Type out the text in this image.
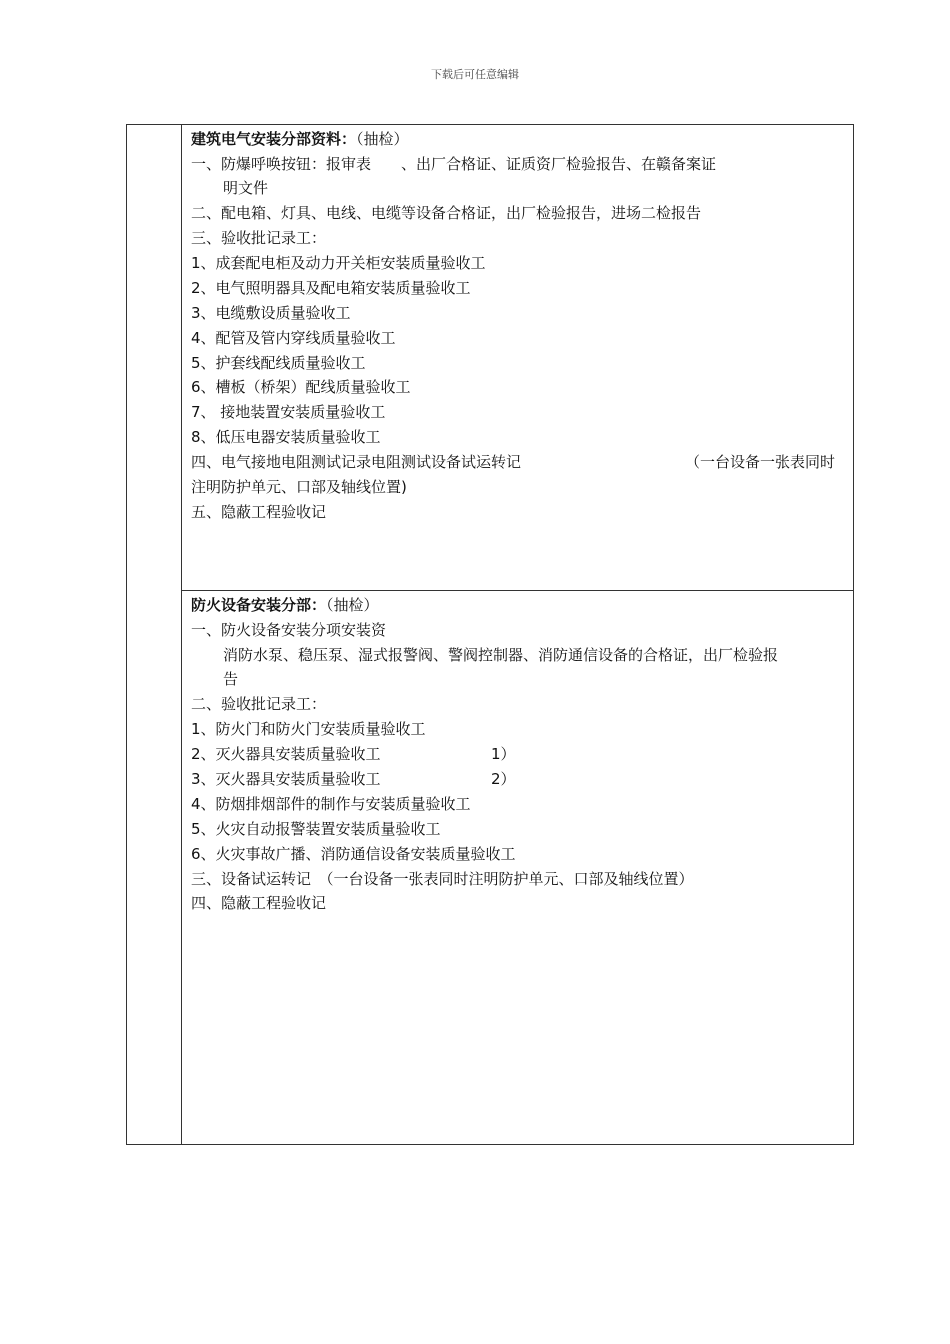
下载后可任意编辑
建筑电气安装分部资料：（抽检）
一、防爆呼唤按钮：报审表　　、出厂合格证、证质资厂检验报告、在赣备案证
明文件
二、配电箱、灯具、电线、电缆等设备合格证，出厂检验报告，进场二检报告
三、验收批记录工：
1、成套配电柜及动力开关柜安装质量验收工
2、电气照明器具及配电箱安装质量验收工
3、电缆敷设质量验收工
4、配管及管内穿线质量验收工
5、护套线配线质量验收工
6、槽板（桥架）配线质量验收工
7、 接地装置安装质量验收工
8、低压电器安装质量验收工
四、电气接地电阻测试记录电阻测试设备试运转记	（一台设备一张表同时
注明防护单元、口部及轴线位置)
五、隐蔽工程验收记
防火设备安装分部：（抽检）
一、防火设备安装分项安装资
消防水泵、稳压泵、湿式报警阀、警阀控制器、消防通信设备的合格证，出厂检验报
告
二、验收批记录工：
1、防火门和防火门安装质量验收工
2、灭火器具安装质量验收工	1）
3、灭火器具安装质量验收工	2）
4、防烟排烟部件的制作与安装质量验收工
5、火灾自动报警装置安装质量验收工
6、火灾事故广播、消防通信设备安装质量验收工
三、设备试运转记　（一台设备一张表同时注明防护单元、口部及轴线位置）
四、隐蔽工程验收记
